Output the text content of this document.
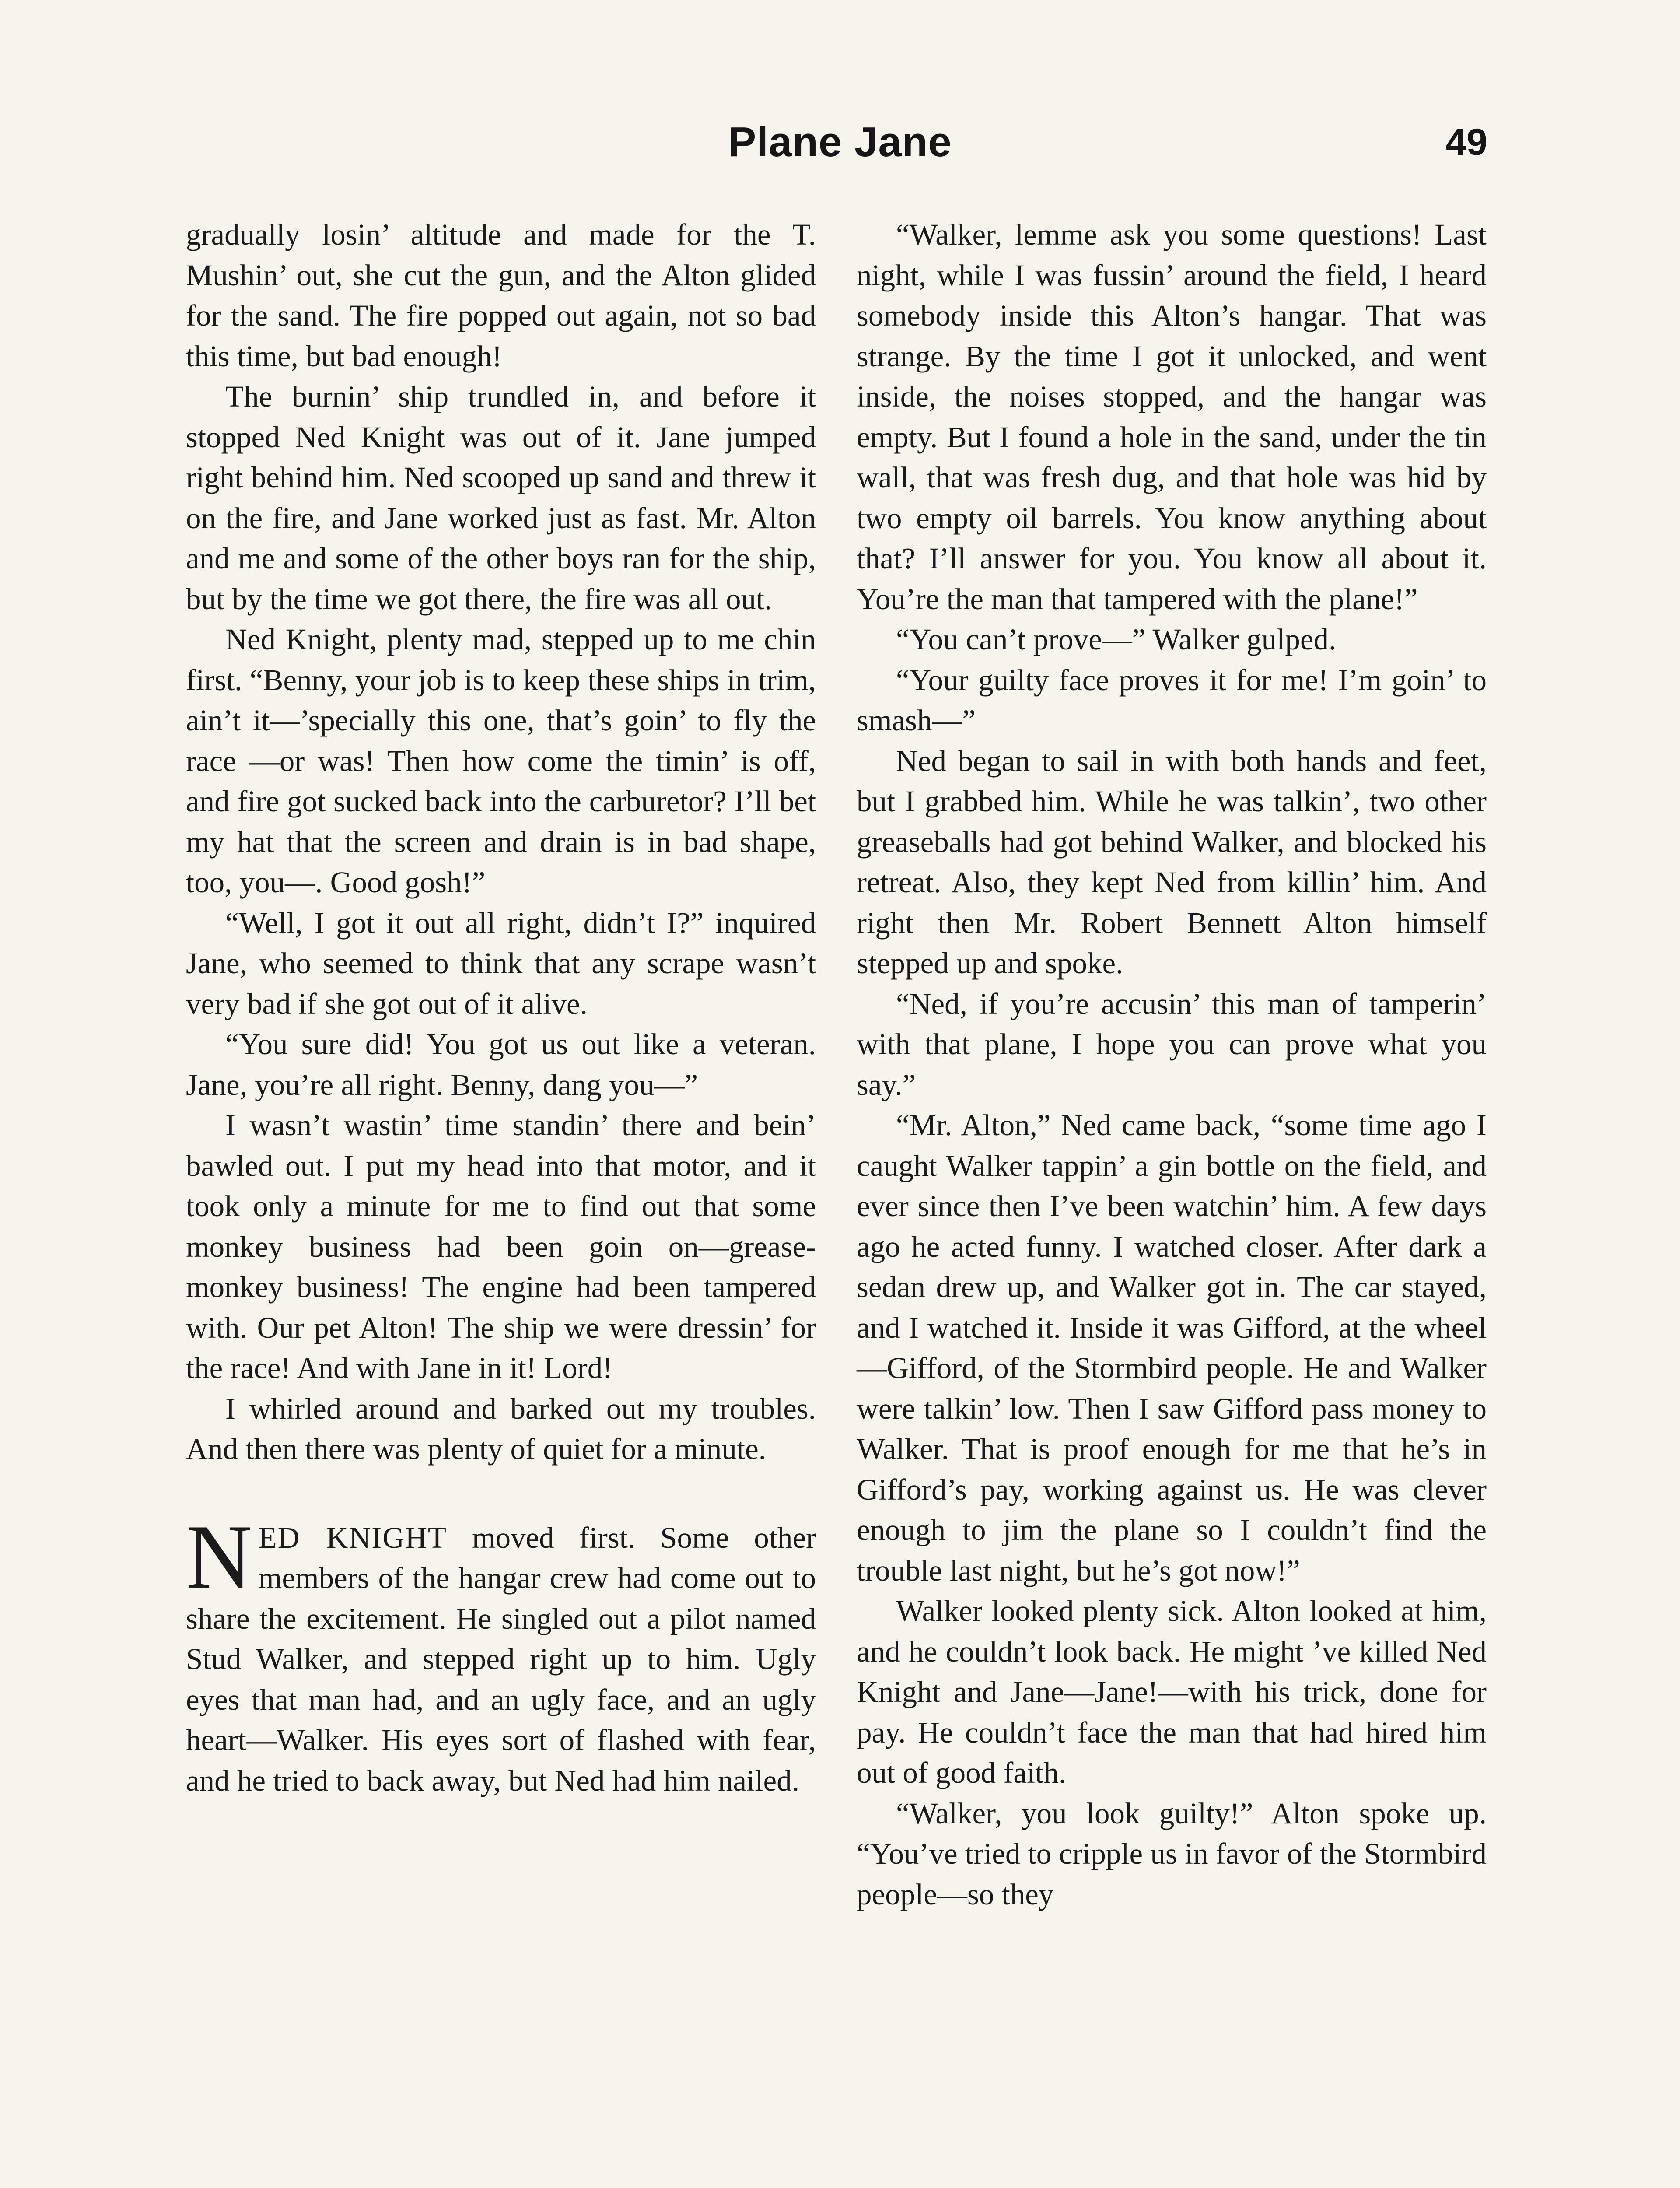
Plane Jane	49

gradually losin’ altitude and made for the T. Mushin’ out, she cut the gun, and the Alton glided for the sand. The fire popped out again, not so bad this time, but bad enough!

The burnin’ ship trundled in, and before it stopped Ned Knight was out of it. Jane jumped right behind him. Ned scooped up sand and threw it on the fire, and Jane worked just as fast. Mr. Alton and me and some of the other boys ran for the ship, but by the time we got there, the fire was all out.

Ned Knight, plenty mad, stepped up to me chin first. “Benny, your job is to keep these ships in trim, ain’t it—’specially this one, that’s goin’ to fly the race —or was! Then how come the timin’ is off, and fire got sucked back into the carburetor? I’ll bet my hat that the screen and drain is in bad shape, too, you—. Good gosh!”

“Well, I got it out all right, didn’t I?” inquired Jane, who seemed to think that any scrape wasn’t very bad if she got out of it alive.

“You sure did! You got us out like a veteran. Jane, you’re all right. Benny, dang you—”

I wasn’t wastin’ time standin’ there and bein’ bawled out. I put my head into that motor, and it took only a minute for me to find out that some monkey business had been goin on—grease-monkey business! The engine had been tampered with. Our pet Alton! The ship we were dressin’ for the race! And with Jane in it! Lord!

I whirled around and barked out my troubles. And then there was plenty of quiet for a minute.

NED KNIGHT moved first. Some other members of the hangar crew had come out to share the excitement. He singled out a pilot named Stud Walker, and stepped right up to him. Ugly eyes that man had, and an ugly face, and an ugly heart—Walker. His eyes sort of flashed with fear, and he tried to back away, but Ned had him nailed.

“Walker, lemme ask you some questions! Last night, while I was fussin’ around the field, I heard somebody inside this Alton’s hangar. That was strange. By the time I got it unlocked, and went inside, the noises stopped, and the hangar was empty. But I found a hole in the sand, under the tin wall, that was fresh dug, and that hole was hid by two empty oil barrels. You know anything about that? I’ll answer for you. You know all about it. You’re the man that tampered with the plane!”

“You can’t prove—” Walker gulped.

“Your guilty face proves it for me! I’m goin’ to smash—”

Ned began to sail in with both hands and feet, but I grabbed him. While he was talkin’, two other greaseballs had got behind Walker, and blocked his retreat. Also, they kept Ned from killin’ him. And right then Mr. Robert Bennett Alton himself stepped up and spoke.

“Ned, if you’re accusin’ this man of tamperin’ with that plane, I hope you can prove what you say.”

“Mr. Alton,” Ned came back, “some time ago I caught Walker tappin’ a gin bottle on the field, and ever since then I’ve been watchin’ him. A few days ago he acted funny. I watched closer. After dark a sedan drew up, and Walker got in. The car stayed, and I watched it. Inside it was Gifford, at the wheel—Gifford, of the Stormbird people. He and Walker were talkin’ low. Then I saw Gifford pass money to Walker. That is proof enough for me that he’s in Gifford’s pay, working against us. He was clever enough to jim the plane so I couldn’t find the trouble last night, but he’s got now!”

Walker looked plenty sick. Alton looked at him, and he couldn’t look back. He might ’ve killed Ned Knight and Jane—Jane!—with his trick, done for pay. He couldn’t face the man that had hired him out of good faith.

“Walker, you look guilty!” Alton spoke up. “You’ve tried to cripple us in favor of the Stormbird people—so they
